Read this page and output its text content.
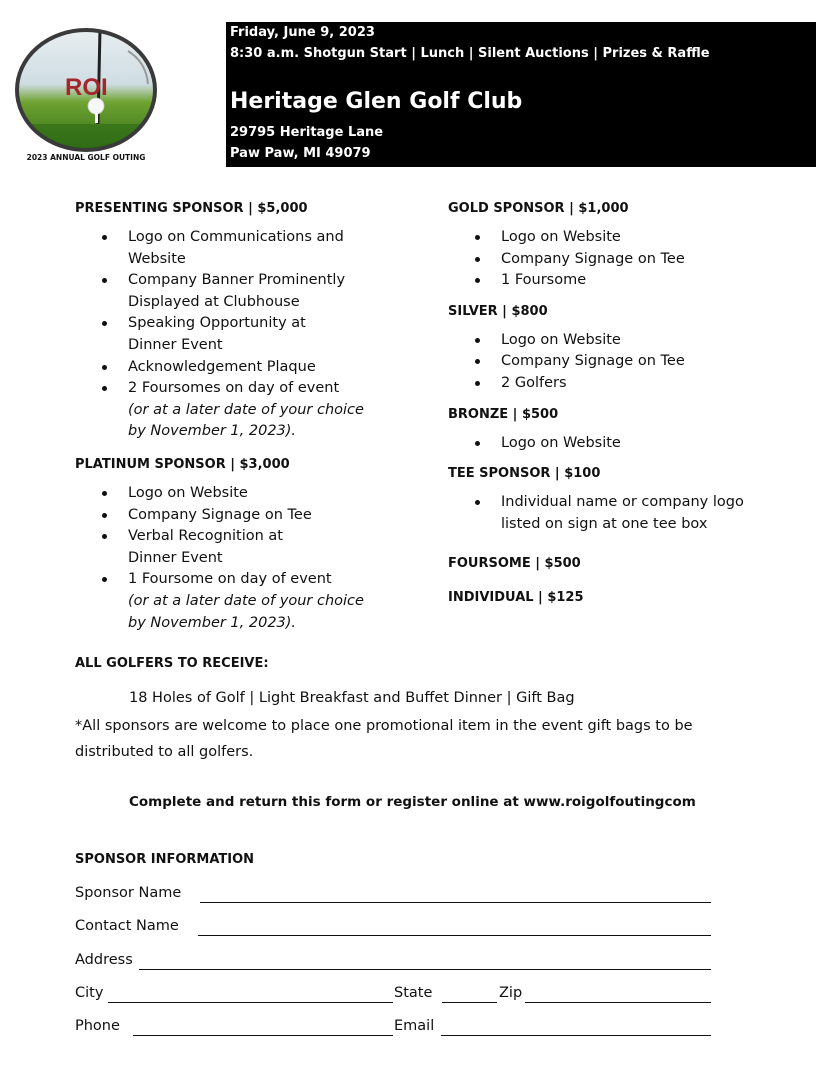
ROI
2023 ANNUAL GOLF OUTING
Friday, June 9, 2023
8:30 a.m. Shotgun Start | Lunch | Silent Auctions | Prizes & Raffle
Heritage Glen Golf Club
29795 Heritage Lane
Paw Paw, MI 49079
PRESENTING SPONSOR | $5,000
Logo on Communications and
Website
Company Banner Prominently
Displayed at Clubhouse
Speaking Opportunity at
Dinner Event
Acknowledgement Plaque
2 Foursomes on day of event
(or at a later date of your choice
by November 1, 2023).
PLATINUM SPONSOR | $3,000
Logo on Website
Company Signage on Tee
Verbal Recognition at
Dinner Event
1 Foursome on day of event
(or at a later date of your choice
by November 1, 2023).
GOLD SPONSOR | $1,000
Logo on Website
Company Signage on Tee
1 Foursome
SILVER | $800
Logo on Website
Company Signage on Tee
2 Golfers
BRONZE | $500
Logo on Website
TEE SPONSOR | $100
Individual name or company logo
listed on sign at one tee box
FOURSOME | $500
INDIVIDUAL | $125
ALL GOLFERS TO RECEIVE:
18 Holes of Golf | Light Breakfast and Buffet Dinner | Gift Bag
*All sponsors are welcome to place one promotional item in the event gift bags to be
distributed to all golfers.
Complete and return this form or register online at www.roigolfoutingcom
SPONSOR INFORMATION
Sponsor Name
Contact Name
Address
City	State	Zip
Phone	Email
